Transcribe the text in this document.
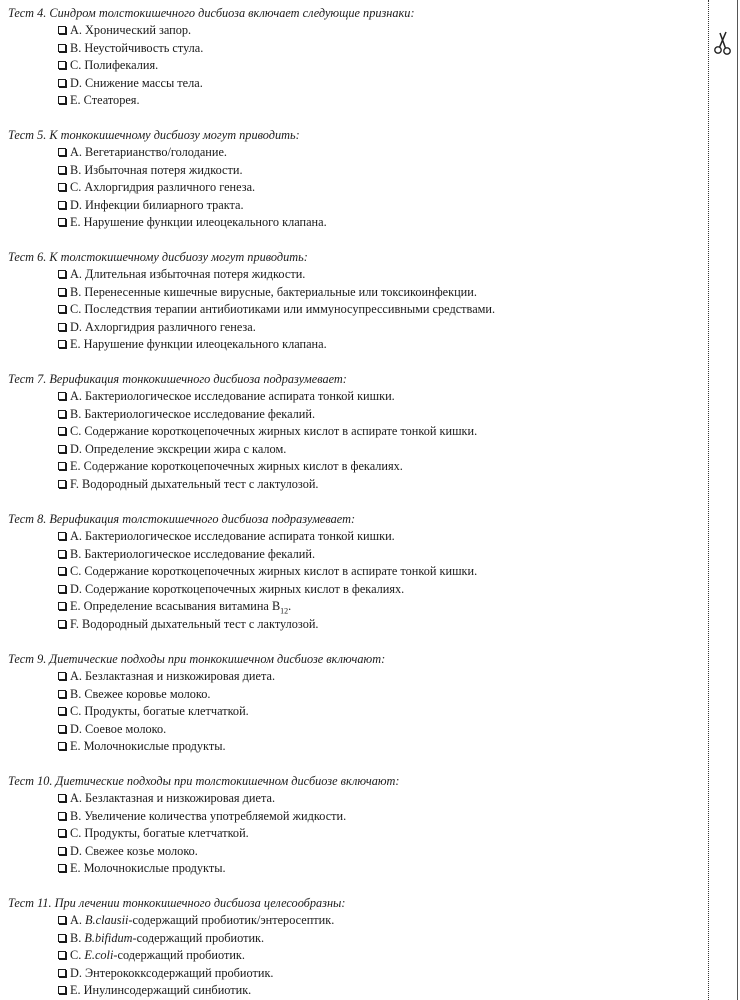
Тест 4. Синдром толстокишечного дисбиоза включает следующие признаки:
A. Хронический запор.
B. Неустойчивость стула.
C. Полифекалия.
D. Снижение массы тела.
E. Стеаторея.
Тест 5. К тонкокишечному дисбиозу могут приводить:
A. Вегетарианство/голодание.
B. Избыточная потеря жидкости.
C. Ахлоргидрия различного генеза.
D. Инфекции билиарного тракта.
E. Нарушение функции илеоцекального клапана.
Тест 6. К толстокишечному дисбиозу могут приводить:
A. Длительная избыточная потеря жидкости.
B. Перенесенные кишечные вирусные, бактериальные или токсикоинфекции.
C. Последствия терапии антибиотиками или иммуносупрессивными средствами.
D. Ахлоргидрия различного генеза.
E. Нарушение функции илеоцекального клапана.
Тест 7. Верификация тонкокишечного дисбиоза подразумевает:
A. Бактериологическое исследование аспирата тонкой кишки.
B. Бактериологическое исследование фекалий.
C. Содержание короткоцепочечных жирных кислот в аспирате тонкой кишки.
D. Определение экскреции жира с калом.
E. Содержание короткоцепочечных жирных кислот в фекалиях.
F. Водородный дыхательный тест с лактулозой.
Тест 8. Верификация толстокишечного дисбиоза подразумевает:
A. Бактериологическое исследование аспирата тонкой кишки.
B. Бактериологическое исследование фекалий.
C. Содержание короткоцепочечных жирных кислот в аспирате тонкой кишки.
D. Содержание короткоцепочечных жирных кислот в фекалиях.
E. Определение всасывания витамина $B_{12}$.
F. Водородный дыхательный тест с лактулозой.
Тест 9. Диетические подходы при тонкокишечном дисбиозе включают:
A. Безлактазная и низкожировая диета.
B. Свежее коровье молоко.
C. Продукты, богатые клетчаткой.
D. Соевое молоко.
E. Молочнокислые продукты.
Тест 10. Диетические подходы при толстокишечном дисбиозе включают:
A. Безлактазная и низкожировая диета.
B. Увеличение количества употребляемой жидкости.
C. Продукты, богатые клетчаткой.
D. Свежее козье молоко.
E. Молочнокислые продукты.
Тест 11. При лечении тонкокишечного дисбиоза целесообразны:
A. B.clausii-содержащий пробиотик/энтеросептик.
B. B.bifidum-содержащий пробиотик.
C. E.coli-содержащий пробиотик.
D. Энтерококксодержащий пробиотик.
E. Инулинсодержащий синбиотик.
